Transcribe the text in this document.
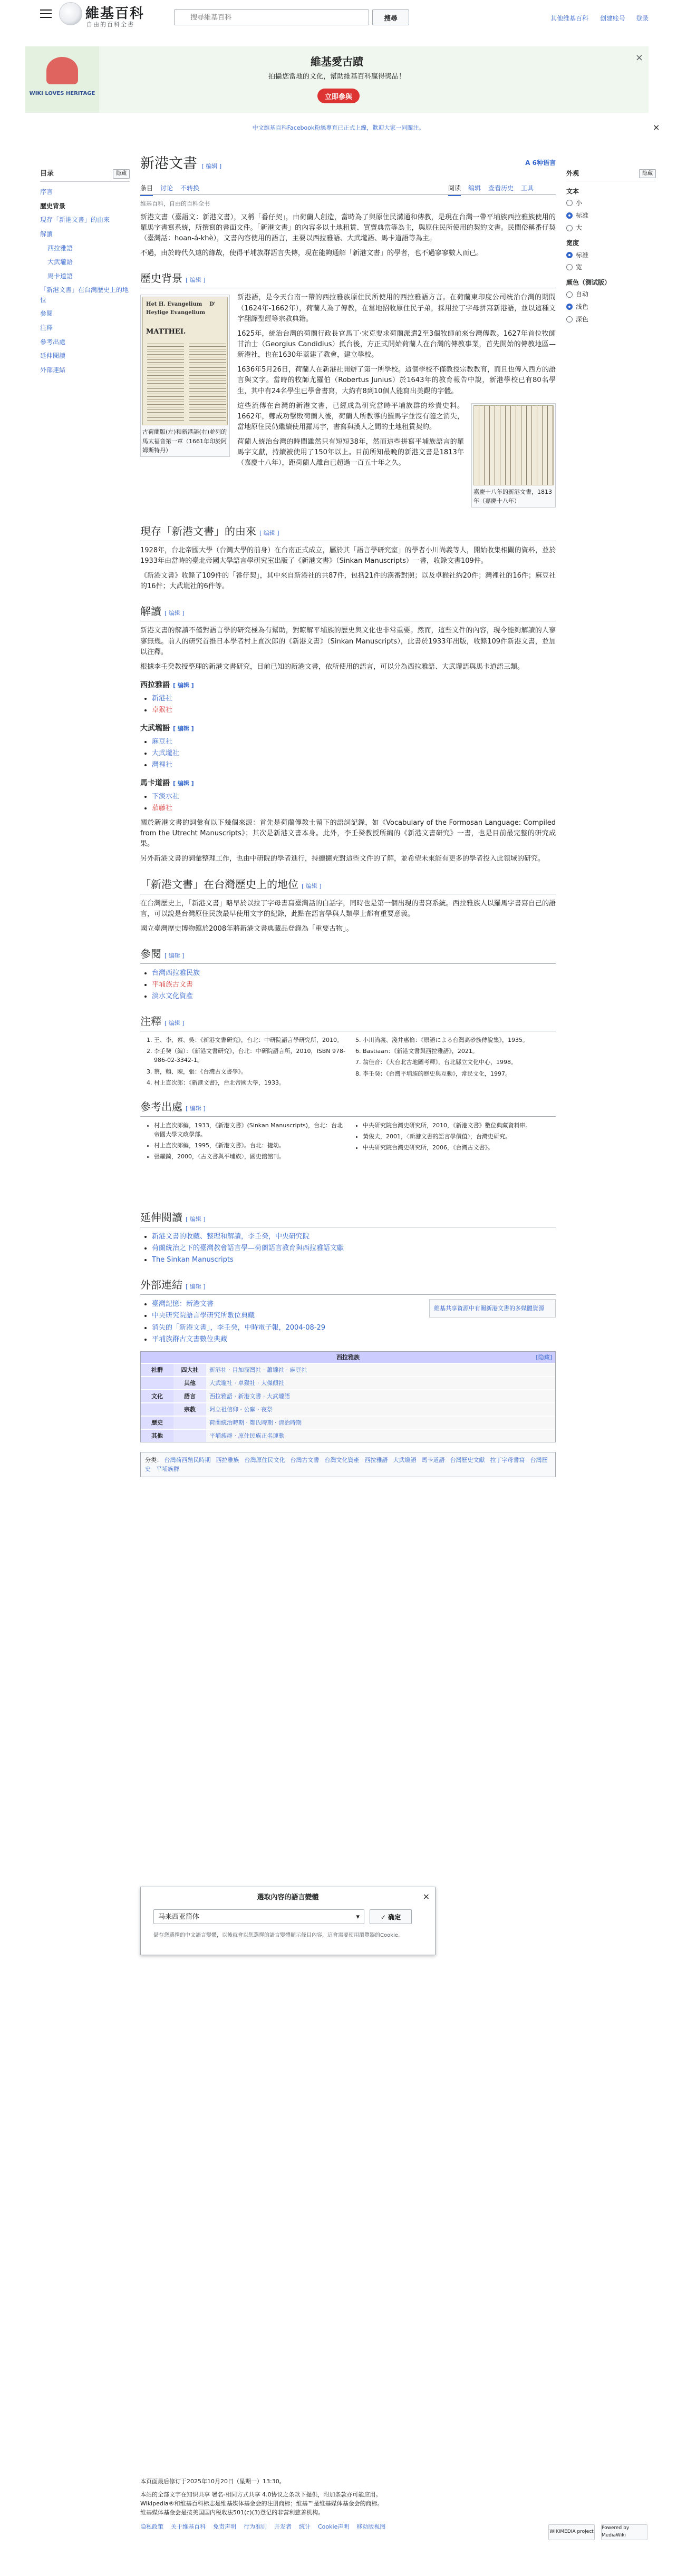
維基百科
自由的百科全書
搜尋維基百科
搜尋	其他维基百科 创建账号 登录
WIKI LOVES HERITAGE
維基愛古蹟
拍攝您當地的文化，幫助維基百科贏得獎品！
立即參與
×
中文維基百科Facebook粉絲專頁已正式上線，歡迎大家一同關注。	×
目录	隐藏
序言
歷史背景
現存「新港文書」的由來
解讀
西拉雅語
大武壠語
馬卡道語
「新港文書」在台灣歷史上的地位
參閱
注釋
參考出處
延伸閱讀
外部連結
新港文書 [ 编辑 ]	A 6种语言
条目 讨论 不转换	阅读 编辑 查看历史 工具
维基百科，自由的百科全书

新港文書（臺語文：新港文書），又稱「番仔契」，由荷蘭人創造，當時為了與原住民溝通和傳教，是現在台灣一帶平埔族西拉雅族使用的羅馬字書寫系統，所撰寫的書面文件。「新港文書」的內容多以土地租賃、買賣典當等為主，與原住民所使用的契約文書。民間俗稱番仔契（臺灣話：hoan-á-khè），文書內容使用的語言，主要以西拉雅語、大武壠語、馬卡道語等為主。

不過，由於時代久遠的緣故，使得平埔族群語言失傳，現在能夠通解「新港文書」的學者，也不過寥寥數人而已。

歷史背景 [ 编辑 ]
Het H. Evangelium    D' Heylige Evangelium
MATTHEI.
古荷蘭版(左)和新港語(右)並列的馬太福音第一章（1661年印於阿姆斯特丹）

新港語，是今天台南一帶的西拉雅族原住民所使用的西拉雅語方言。在荷蘭東印度公司統治台灣的期間（1624年-1662年），荷蘭人為了傳教，在當地招收原住民子弟，採用拉丁字母拼寫新港語，並以這種文字翻譯聖經等宗教典籍。

1625年，統治台灣的荷蘭行政長官馬丁·宋克要求荷蘭派遣2至3個牧師前來台灣傳教。1627年首位牧師甘治士（Georgius Candidius）抵台後，方正式開始荷蘭人在台灣的傳教事業，首先開始的傳教地區—新港社，也在1630年蓋建了教會，建立學校。

1636年5月26日，荷蘭人在新港社開辦了第一所學校。這個學校不僅教授宗教教育，而且也傳入西方的語言與文字。當時的牧師尤羅伯（Robertus Junius）於1643年的教育報告中說，新港學校已有80名學生，其中有24名學生已學會書寫，大約有8到10個人能寫出美觀的字體。

嘉慶十八年的新港文書，1813年（嘉慶十八年）

這些流傳在台灣的新港文書，已經成為研究當時平埔族群的珍貴史料。1662年，鄭成功擊敗荷蘭人後，荷蘭人所教導的羅馬字並沒有隨之消失，當地原住民仍繼續使用羅馬字，書寫與漢人之間的土地租賃契約。

荷蘭人統治台灣的時間雖然只有短短38年，然而這些拼寫平埔族語言的羅馬字文獻，持續被使用了150年以上。目前所知最晚的新港文書是1813年（嘉慶十八年），距荷蘭人離台已超過一百五十年之久。

現存「新港文書」的由來 [ 编辑 ]

1928年，台北帝國大學（台灣大學的前身）在台南正式成立，屬於其「語言學研究室」的學者小川尚義等人，開始收集相關的資料，並於1933年由當時的臺北帝國大學語言學研究室出版了《新港文書》（Sinkan Manuscripts）一書，收錄文書109件。

《新港文書》收錄了109件的「番仔契」，其中來自新港社的共87件，包括21件的漢番對照；以及卓猴社約20件；灣裡社的16件；麻豆社的16件；大武壠社的6件等。

解讀 [ 编辑 ]

新港文書的解讀不僅對語言學的研究極為有幫助，對瞭解平埔族的歷史與文化也非常重要。然而，這些文件的內容，現今能夠解讀的人寥寥無幾。前人的研究首推日本學者村上直次郎的《新港文書》（Sinkan Manuscripts），此書於1933年出版，收錄109件新港文書，並加以注釋。

根據李壬癸教授整理的新港文書研究，目前已知的新港文書，依所使用的語言，可以分為西拉雅語、大武壠語與馬卡道語三類。

西拉雅語 [ 编辑 ]
• 新港社
• 卓猴社
大武壠語 [ 编辑 ]
• 麻豆社
• 大武壠社
• 灣裡社
馬卡道語 [ 编辑 ]
• 下淡水社
• 茄藤社

關於新港文書的詞彙有以下幾個來源：首先是荷蘭傳教士留下的語詞記錄，如《Vocabulary of the Formosan Language: Compiled from the Utrecht Manuscripts》；其次是新港文書本身。此外，李壬癸教授所編的《新港文書研究》一書，也是目前最完整的研究成果。

另外新港文書的詞彙整理工作，也由中研院的學者進行，持續擴充對這些文件的了解，並希望未來能有更多的學者投入此領域的研究。

「新港文書」在台灣歷史上的地位 [ 编辑 ]

在台灣歷史上，「新港文書」略早於以拉丁字母書寫臺灣話的白話字，同時也是第一個出現的書寫系統。西拉雅族人以羅馬字書寫自己的語言，可以說是台灣原住民族最早使用文字的紀錄，此點在語言學與人類學上都有重要意義。

國立臺灣歷史博物館於2008年將新港文書典藏品登錄為「重要古物」。

參閱 [ 编辑 ]
• 台灣西拉雅民族
• 平埔族古文書
• 淡水文化資產
注釋 [ 编辑 ]
1. 王、李、蔡、吳：《新港文書研究》，台北：中研院語言學研究所，2010。
2. 李壬癸（編）：《新港文書研究》，台北：中研院語言所，2010，ISBN 978-986-02-3342-1。
3. 蔡，賴、陳，張：《台灣古文書學》。
4. 村上直次郎：《新港文書》，台北帝國大學，1933。
5. 小川尚義、淺井惠倫：《原語による台灣高砂族傳說集》，1935。
6. Bastiaan：《新港文書與西拉雅語》，2021。
7. 翁佳音：《大台北古地圖考釋》，台北縣立文化中心，1998。
8. 李壬癸：《台灣平埔族的歷史與互動》，常民文化，1997。
參考出處 [ 编辑 ]
• 村上直次郎編，1933，《新港文書》(Sinkan Manuscripts)，台北：台北帝國大學文政學部。
• 村上直次郎編，1995，《新港文書》。台北：捷幼。
• 張耀錡，2000，〈古文書與平埔族〉，國史館館刊。
• 中央研究院台灣史研究所，2010，《新港文書》數位典藏資料庫。
• 黃俊夫，2001，〈新港文書的語言學價值〉，台灣史研究。
• 中央研究院台灣史研究所，2006，《台灣古文書》。
延伸閱讀 [ 编辑 ]
• 新港文書的收藏、整理和解讀，李壬癸，中央研究院
• 荷蘭統治之下的臺灣教會語言學—荷蘭語言教育與西拉雅語文獻
• The Sinkan Manuscripts
外部連結 [ 编辑 ]
維基共享資源中有關新港文書的多媒體資源
• 臺灣記憶：新港文書
• 中央研究院語言學研究所數位典藏
• 消失的「新港文書」，李壬癸，中時電子報，2004-08-29
• 平埔族群古文書數位典藏
西拉雅族	[隐藏]
社群	四大社	新港社 · 目加溜灣社 · 蕭壠社 · 麻豆社
其他	大武壠社 · 卓猴社 · 大傑顛社
文化	語言	西拉雅語 · 新港文書 · 大武壠語
宗教	阿立祖信仰 · 公廨 · 夜祭
歷史	荷蘭統治時期 · 鄭氏時期 · 清治時期
其他	平埔族群 · 原住民族正名運動
分类： 台灣荷西殖民時期 西拉雅族 台灣原住民文化 台灣古文書 台灣文化資產 西拉雅語 大武壠語 馬卡道語 台灣歷史文獻 拉丁字母書寫 台灣歷史 平埔族群
外观	隐藏
文本
小
标准
大
宽度
标准
宽
颜色（测试版）
自动
浅色
深色
選取內容的語言變體	×
马来西亚简体	▾	✓ 确定
儲存您選擇的中文語言變體，以後就會以您選擇的語言變體顯示條目內容，這會需要使用瀏覽器的Cookie。
本页面最后修订于2025年10月20日（星期一）13:30。
本站的全部文字在知识共享 署名-相同方式共享 4.0协议之条款下提供，附加条款亦可能应用。
Wikipedia®和维基百科标志是维基媒体基金会的注册商标；维基™是维基媒体基金会的商标。
维基媒体基金会是按美国国内税收法501(c)(3)登记的非营利慈善机构。
隐私政策 关于维基百科 免责声明 行为准则 开发者 统计 Cookie声明 移动版视图
WIKIMEDIA project
Powered by MediaWiki
